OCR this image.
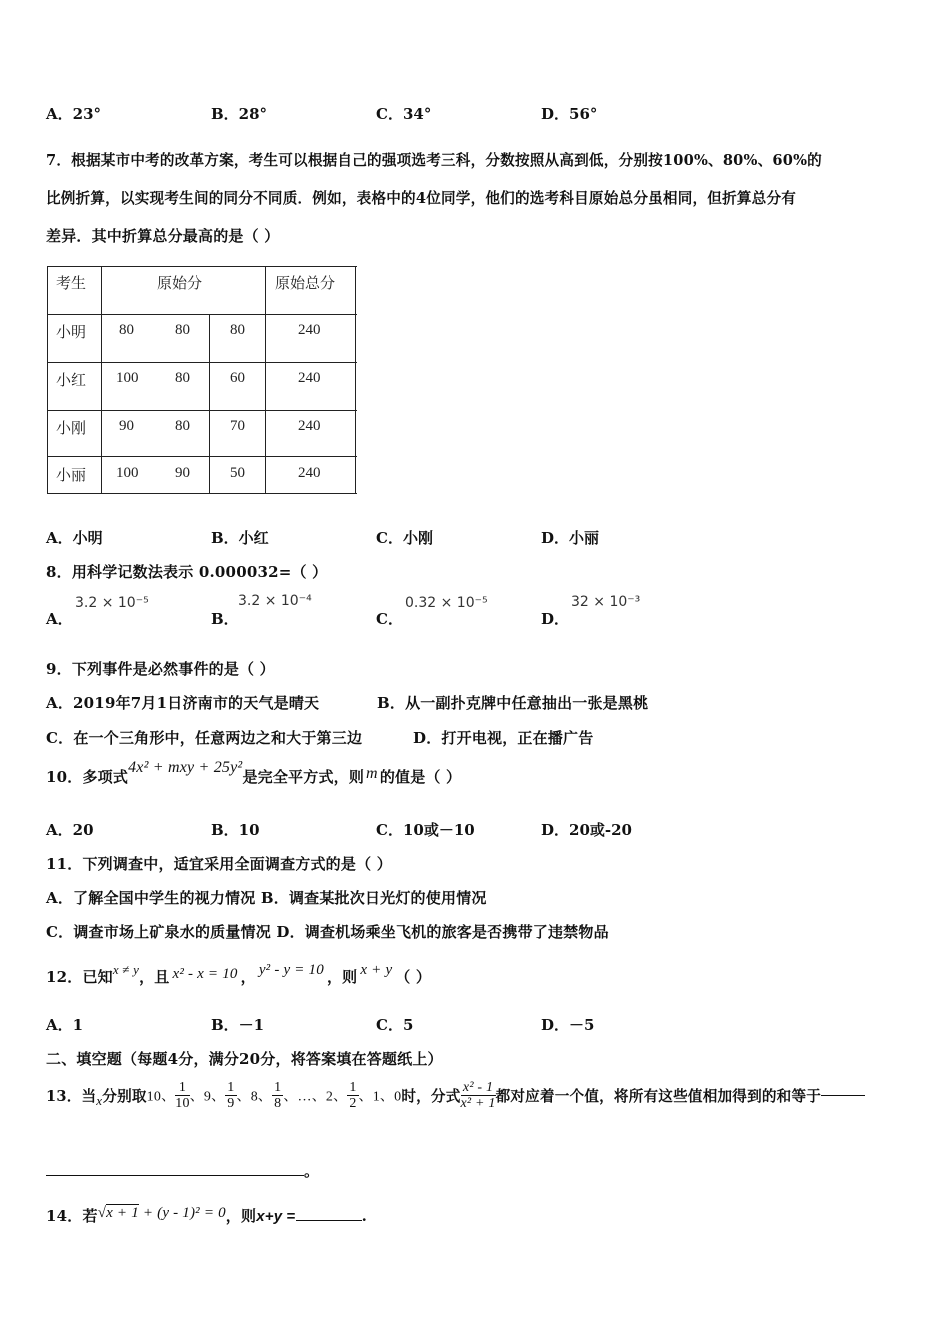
A．23°	B．28°	C．34°	D．56°
7．根据某市中考的改革方案，考生可以根据自己的强项选考三科，分数按照从高到低，分别按100%、80%、60%的
比例折算，以实现考生间的同分不同质．例如，表格中的4位同学，他们的选考科目原始总分虽相同，但折算总分有
差异．其中折算总分最高的是（ ）
考生	原始分	原始总分
小明 80	80	80	240
小红 100 80	60	240
小刚 90	80	70	240
小丽 100 90	50	240
A．小明	B．小红	C．小刚	D．小丽
8．用科学记数法表示 0.000032=（ ）
A．
3.2 × 10⁻⁵
B．
3.2 × 10⁻⁴
C．
0.32 × 10⁻⁵
D．
32 × 10⁻³
9．下列事件是必然事件的是（ ）
A．2019年7月1日济南市的天气是晴天	B．从一副扑克牌中任意抽出一张是黑桃
C．在一个三角形中，任意两边之和大于第三边	D．打开电视，正在播广告
10．多项式4x² + mxy + 25y²是完全平方式，则 m 的值是（ ）
A．20	B．10	C．10或－10	D．20或-20
11．下列调查中，适宜采用全面调查方式的是（ ）
A．了解全国中学生的视力情况 B．调查某批次日光灯的使用情况
C．调查市场上矿泉水的质量情况 D．调查机场乘坐飞机的旅客是否携带了违禁物品
12．已知x ≠ y，且 x² - x = 10 ， y² - y = 10 ，则 x + y （ ）
A．1	B．－1	C．5	D．－5
二、填空题（每题4分，满分20分，将答案填在答题纸上）
13．当x分别取10、 $\frac{1}{10}$ 、9、 $\frac{1}{9}$ 、8、 $\frac{1}{8}$ 、…、2、 $\frac{1}{2}$ 、1、0时，分式 $\frac{\text{x² - 1}}{\text{x² + 1}}$ 都对应着一个值，将所有这些值相加得到的和等于
。
14．若√x + 1 + (y - 1)² = 0，则x+y =	.
